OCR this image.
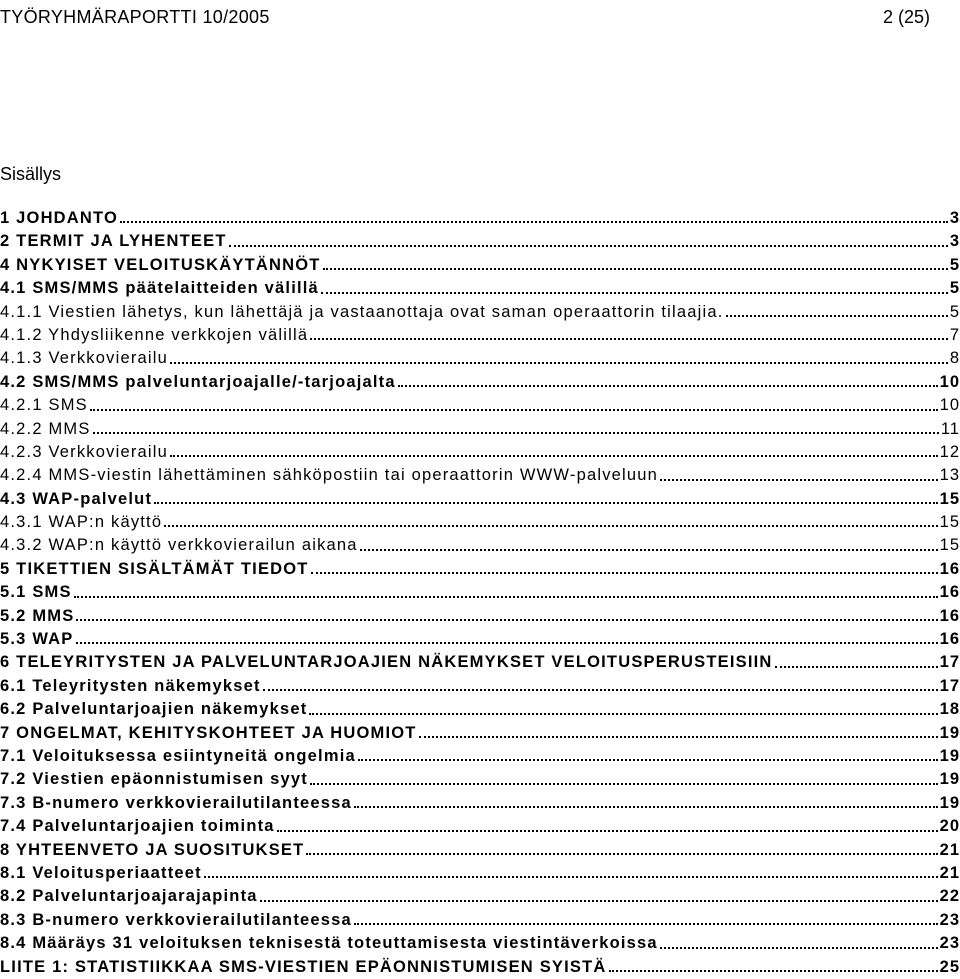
TYÖRYHMÄRAPORTTI 10/2005	2 (25)
Sisällys
1 JOHDANTO	3
2 TERMIT JA LYHENTEET	3
4 NYKYISET VELOITUSKÄYTÄNNÖT	5
4.1 SMS/MMS päätelaitteiden välillä	5
4.1.1 Viestien lähetys, kun lähettäjä ja vastaanottaja ovat saman operaattorin tilaajia.	5
4.1.2 Yhdysliikenne verkkojen välillä	7
4.1.3 Verkkovierailu	8
4.2 SMS/MMS palveluntarjoajalle/-tarjoajalta	10
4.2.1 SMS	10
4.2.2 MMS	11
4.2.3 Verkkovierailu	12
4.2.4 MMS-viestin lähettäminen sähköpostiin tai operaattorin WWW-palveluun	13
4.3 WAP-palvelut	15
4.3.1 WAP:n käyttö	15
4.3.2 WAP:n käyttö verkkovierailun aikana	15
5 TIKETTIEN SISÄLTÄMÄT TIEDOT	16
5.1 SMS	16
5.2 MMS	16
5.3 WAP	16
6 TELEYRITYSTEN JA PALVELUNTARJOAJIEN NÄKEMYKSET VELOITUSPERUSTEISIIN	17
6.1 Teleyritysten näkemykset	17
6.2 Palveluntarjoajien näkemykset	18
7 ONGELMAT, KEHITYSKOHTEET JA HUOMIOT	19
7.1 Veloituksessa esiintyneitä ongelmia	19
7.2 Viestien epäonnistumisen syyt	19
7.3 B-numero verkkovierailutilanteessa	19
7.4 Palveluntarjoajien toiminta	20
8 YHTEENVETO JA SUOSITUKSET	21
8.1 Veloitusperiaatteet	21
8.2 Palveluntarjoajarajapinta	22
8.3 B-numero verkkovierailutilanteessa	23
8.4 Määräys 31 veloituksen teknisestä toteuttamisesta viestintäverkoissa	23
LIITE 1: STATISTIIKKAA SMS-VIESTIEN EPÄONNISTUMISEN SYISTÄ	25
